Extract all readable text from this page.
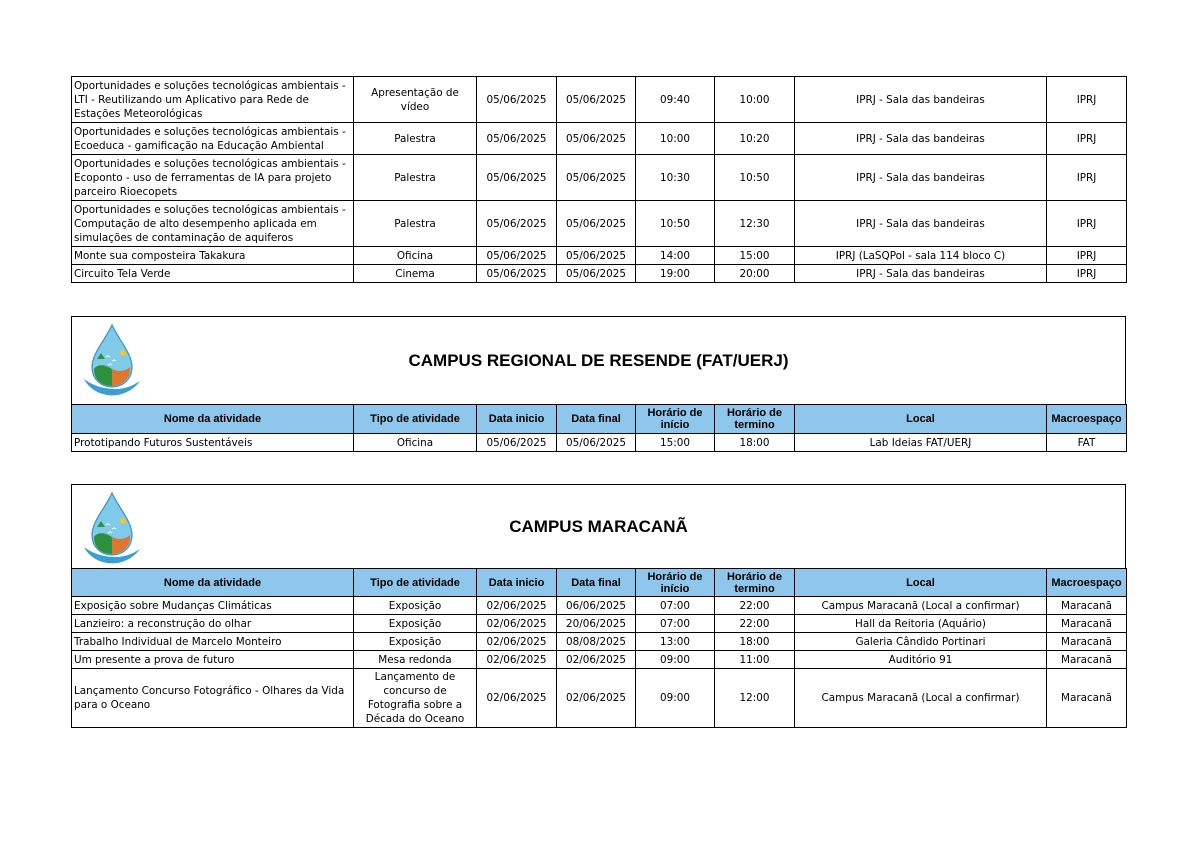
Oportunidades e soluções tecnológicas ambientais - LTI - Reutilizando um Aplicativo para Rede de Estações Meteorológicas	Apresentação de vídeo	05/06/2025	05/06/2025	09:40	10:00	IPRJ - Sala das bandeiras	IPRJ
Oportunidades e soluções tecnológicas ambientais - Ecoeduca - gamificação na Educação Ambiental	Palestra	05/06/2025	05/06/2025	10:00	10:20	IPRJ - Sala das bandeiras	IPRJ
Oportunidades e soluções tecnológicas ambientais - Ecoponto - uso de ferramentas de IA para projeto parceiro Rioecopets	Palestra	05/06/2025	05/06/2025	10:30	10:50	IPRJ - Sala das bandeiras	IPRJ
Oportunidades e soluções tecnológicas ambientais - Computação de alto desempenho aplicada em simulações de contaminação de aquiferos	Palestra	05/06/2025	05/06/2025	10:50	12:30	IPRJ - Sala das bandeiras	IPRJ
Monte sua composteira Takakura	Oficina	05/06/2025	05/06/2025	14:00	15:00	IPRJ (LaSQPol - sala 114 bloco C)	IPRJ
Circuito Tela Verde	Cinema	05/06/2025	05/06/2025	19:00	20:00	IPRJ - Sala das bandeiras	IPRJ
CAMPUS REGIONAL DE RESENDE (FAT/UERJ)
Nome da atividade	Tipo de atividade	Data inicio	Data final	Horário de início	Horário de termino	Local	Macroespaço
Prototipando Futuros Sustentáveis	Oficina	05/06/2025	05/06/2025	15:00	18:00	Lab Ideias FAT/UERJ	FAT
CAMPUS MARACANÃ
Nome da atividade	Tipo de atividade	Data inicio	Data final	Horário de início	Horário de termino	Local	Macroespaço
Exposição sobre Mudanças Climáticas	Exposição	02/06/2025	06/06/2025	07:00	22:00	Campus Maracanã (Local a confirmar)	Maracanã
Lanzieiro: a reconstrução do olhar	Exposição	02/06/2025	20/06/2025	07:00	22:00	Hall da Reitoria (Aquário)	Maracanã
Trabalho Individual de Marcelo Monteiro	Exposição	02/06/2025	08/08/2025	13:00	18:00	Galeria Cândido Portinari	Maracanã
Um presente a prova de futuro	Mesa redonda	02/06/2025	02/06/2025	09:00	11:00	Auditório 91	Maracanã
Lançamento Concurso Fotográfico - Olhares da Vida para o Oceano	Lançamento de concurso de Fotografia sobre a Década do Oceano	02/06/2025	02/06/2025	09:00	12:00	Campus Maracanã (Local a confirmar)	Maracanã
